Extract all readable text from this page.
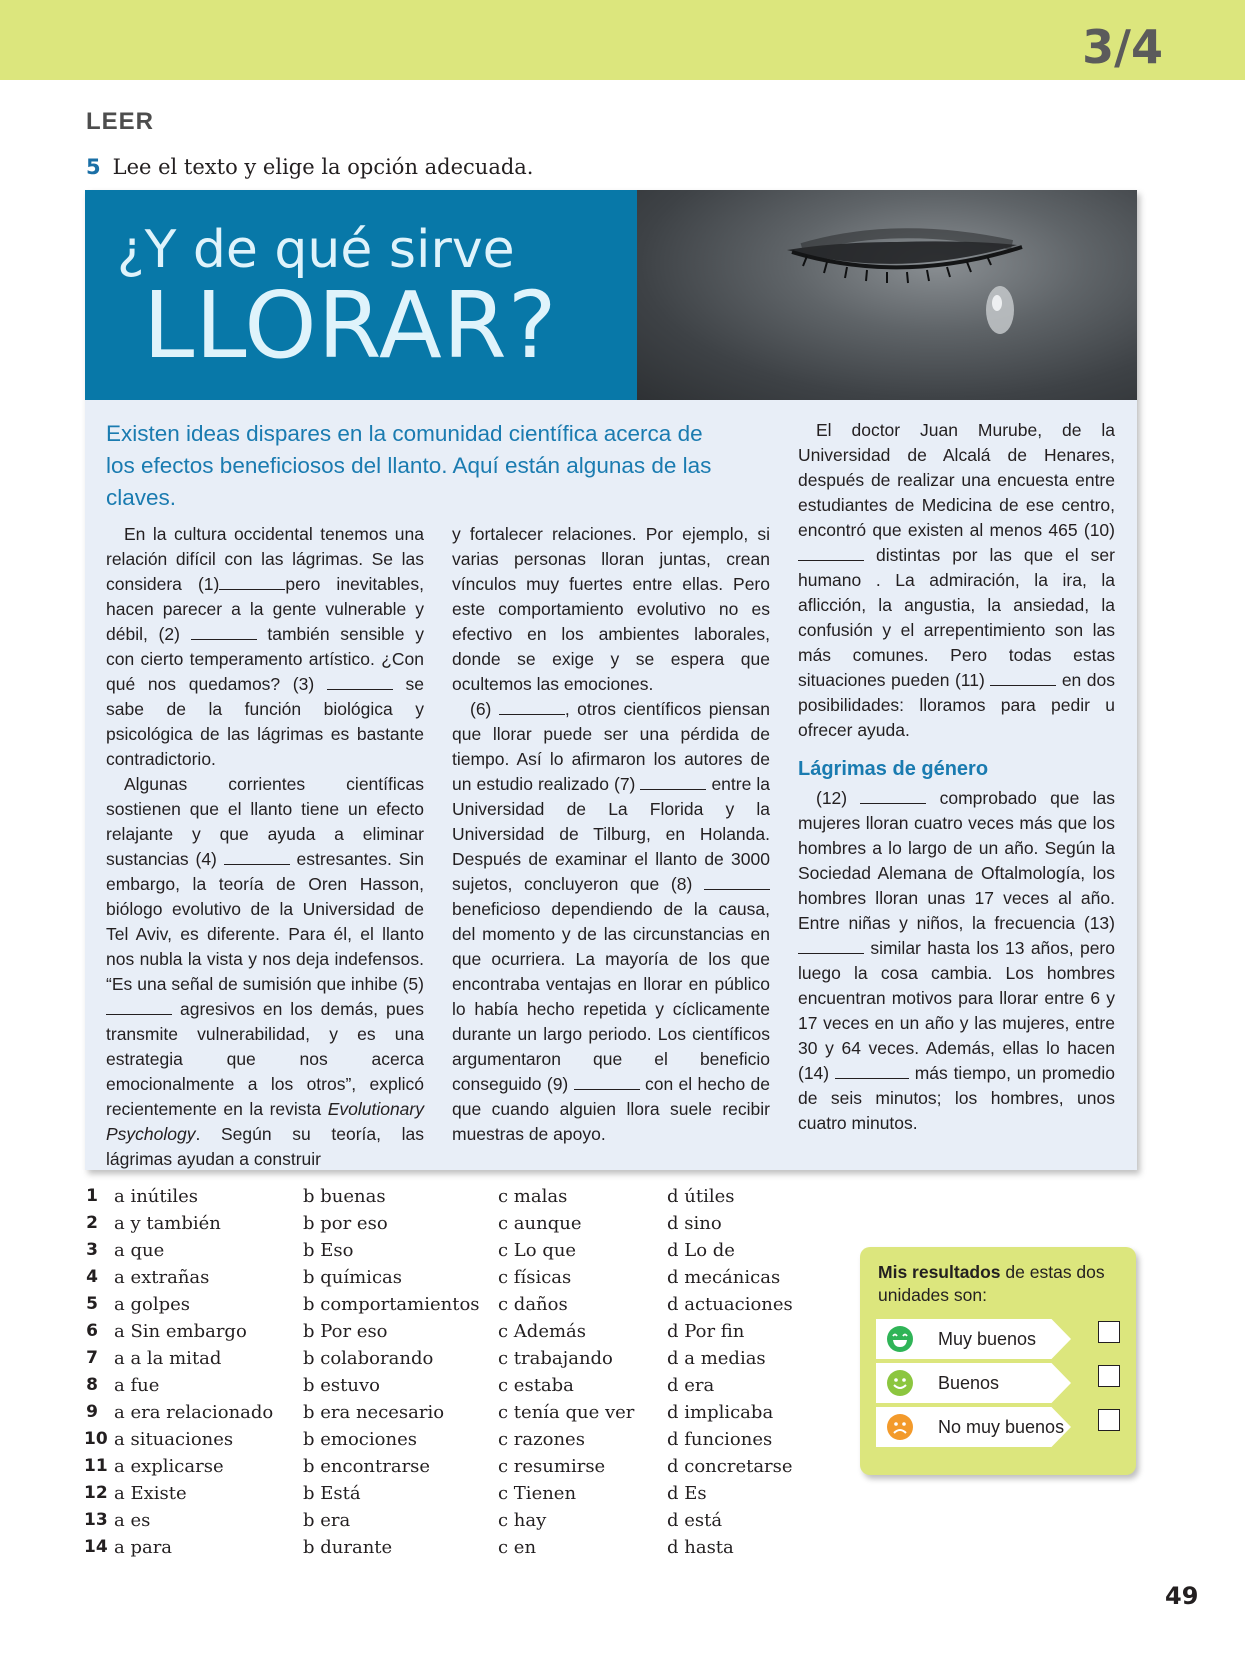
3/4
LEER
5 Lee el texto y elige la opción adecuada.
¿Y de qué sirve
LLORAR?
Existen ideas dispares en la comunidad científica acerca de los efectos beneficiosos del llanto. Aquí están algunas de las claves.

En la cultura occidental tenemos una relación difícil con las lágrimas. Se las considera (1)	pero inevitables, hacen parecer a la gente vulnerable y débil, (2)	también sensible y con cierto temperamento artístico. ¿Con qué nos quedamos? (3)	se sabe de la función biológica y psicológica de las lágrimas es bastante contradictorio.

Algunas corrientes científicas sostienen que el llanto tiene un efecto relajante y que ayuda a eliminar sustancias (4)	estresantes. Sin embargo, la teoría de Oren Hasson, biólogo evolutivo de la Universidad de Tel Aviv, es diferente. Para él, el llanto nos nubla la vista y nos deja indefensos. “Es una señal de sumisión que inhibe (5)  agresivos en los demás, pues transmite vulnerabilidad, y es una estrategia que nos acerca emocionalmente a los otros”, explicó recientemente en la revista Evolutionary Psychology. Según su teoría, las lágrimas ayudan a construir

y fortalecer relaciones. Por ejemplo, si varias personas lloran juntas, crean vínculos muy fuertes entre ellas. Pero este comportamiento evolutivo no es efectivo en los ambientes laborales, donde se exige y se espera que ocultemos las emociones.

(6)	, otros científicos piensan que llorar puede ser una pérdida de tiempo. Así lo afirmaron los autores de un estudio realizado (7)	entre la Universidad de La Florida y la Universidad de Tilburg, en Holanda. Después de examinar el llanto de 3000 sujetos, concluyeron que (8)  beneficioso dependiendo de la causa, del momento y de las circunstancias en que ocurriera. La mayoría de los que encontraba ventajas en llorar en público lo había hecho repetida y cíclicamente durante un largo periodo. Los científicos argumentaron que el beneficio conseguido (9)	con el hecho de que cuando alguien llora suele recibir muestras de apoyo.

El doctor Juan Murube, de la Universidad de Alcalá de Henares, después de realizar una encuesta entre estudiantes de Medicina de ese centro, encontró que existen al menos 465 (10)  distintas por las que el ser humano . La admiración, la ira, la aflicción, la angustia, la ansiedad, la confusión y el arrepentimiento son las más comunes. Pero todas estas situaciones pueden (11)	en dos posibilidades: lloramos para pedir u ofrecer ayuda.

Lágrimas de género

(12)	comprobado que las mujeres lloran cuatro veces más que los hombres a lo largo de un año. Según la Sociedad Alemana de Oftalmología, los hombres lloran unas 17 veces al año. Entre niñas y niños, la frecuencia (13)  similar hasta los 13 años, pero luego la cosa cambia. Los hombres encuentran motivos para llorar entre 6 y 17 veces en un año y las mujeres, entre 30 y 64 veces. Además, ellas lo hacen (14)	más tiempo, un promedio de seis minutos; los hombres, unos cuatro minutos.

1 a inútiles	b buenas	c malas	d útiles
2 a y también	b por eso	c aunque	d sino
3 a que	b Eso	c Lo que	d Lo de
4 a extrañas	b químicas	c físicas	d mecánicas
5 a golpes	b comportamientos c daños	d actuaciones
6 a Sin embargo	b Por eso	c Además	d Por fin
7 a a la mitad	b colaborando	c trabajando	d a medias
8 a fue	b estuvo	c estaba	d era
9 a era relacionado b era necesario	c tenía que ver d implicaba
10 a situaciones	b emociones	c razones	d funciones
11 a explicarse	b encontrarse	c resumirse	d concretarse
12 a Existe	b Está	c Tienen	d Es
13 a es	b era	c hay	d está
14 a para	b durante	c en	d hasta
Mis resultados de estas dos unidades son:
Muy buenos
Buenos
No muy buenos
49
